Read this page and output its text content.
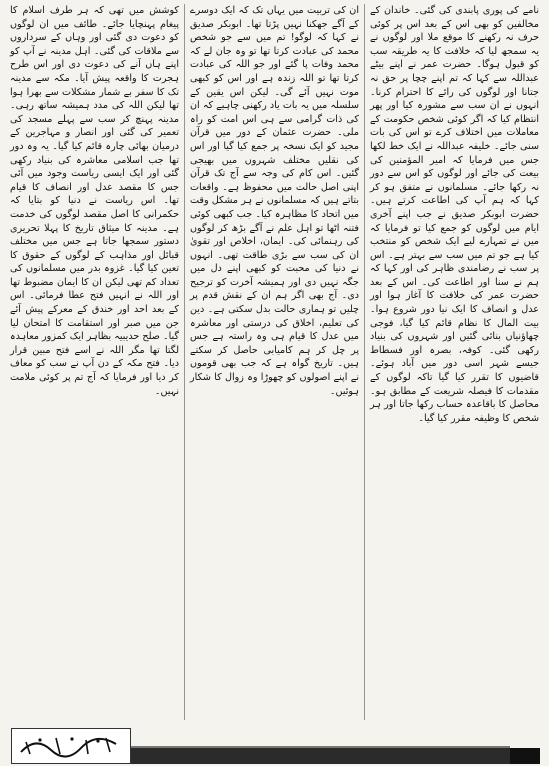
نامے کی پوری پابندی کی گئی۔ خاندان کے مخالفین کو بھی اس کے بعد اس پر کوئی حرف نہ رکھنے کا موقع ملا اور لوگوں نے یہ سمجھ لیا کہ خلافت کا یہ طریقہ سب کو قبول ہوگا۔ حضرت عمر نے اپنے بیٹے عبداللہ سے کہا کہ تم اپنے چچا پر حق نہ جتانا اور لوگوں کی رائے کا احترام کرنا۔ انہوں نے ان سب سے مشورہ کیا اور پھر انتظام کیا کہ اگر کوئی شخص حکومت کے معاملات میں اختلاف کرے تو اس کی بات سنی جائے۔ خلیفہ عبداللہ نے ایک خط لکھا جس میں فرمایا کہ امیر المؤمنین کی بیعت کی جائے اور لوگوں کو اس سے دور نہ رکھا جائے۔ مسلمانوں نے متفق ہو کر کہا کہ ہم آپ کی اطاعت کرتے ہیں۔ حضرت ابوبکر صدیق نے جب اپنے آخری ایام میں لوگوں کو جمع کیا تو فرمایا کہ میں نے تمہارے لیے ایک شخص کو منتخب کیا ہے جو تم میں سب سے بہتر ہے۔ اس پر سب نے رضامندی ظاہر کی اور کہا کہ ہم نے سنا اور اطاعت کی۔ اس کے بعد حضرت عمر کی خلافت کا آغاز ہوا اور عدل و انصاف کا ایک نیا دور شروع ہوا۔ بیت المال کا نظام قائم کیا گیا، فوجی چھاؤنیاں بنائی گئیں اور شہروں کی بنیاد رکھی گئی۔ کوفہ، بصرہ اور فسطاط جیسے شہر اسی دور میں آباد ہوئے۔ قاضیوں کا تقرر کیا گیا تاکہ لوگوں کے مقدمات کا فیصلہ شریعت کے مطابق ہو۔ محاصل کا باقاعدہ حساب رکھا جاتا اور ہر شخص کا وظیفہ مقرر کیا گیا۔
ان کی تربیت میں یہاں تک کہ ایک دوسرے کے آگے جھکنا نہیں پڑتا تھا۔ ابوبکر صدیق نے کہا کہ لوگو! تم میں سے جو شخص محمد کی عبادت کرتا تھا تو وہ جان لے کہ محمد وفات پا گئے اور جو اللہ کی عبادت کرتا تھا تو اللہ زندہ ہے اور اس کو کبھی موت نہیں آئے گی۔ لیکن اس یقین کے سلسلہ میں یہ بات یاد رکھنی چاہیے کہ ان کی ذات گرامی سے ہی اس امت کو راہ ملی۔ حضرت عثمان کے دور میں قرآن مجید کو ایک نسخہ پر جمع کیا گیا اور اس کی نقلیں مختلف شہروں میں بھیجی گئیں۔ اس کام کی وجہ سے آج تک قرآن اپنی اصل حالت میں محفوظ ہے۔ واقعات بتاتے ہیں کہ مسلمانوں نے ہر مشکل وقت میں اتحاد کا مظاہرہ کیا۔ جب کبھی کوئی فتنہ اٹھا تو اہل علم نے آگے بڑھ کر لوگوں کی رہنمائی کی۔ ایمان، اخلاص اور تقویٰ ان کی سب سے بڑی طاقت تھی۔ انہوں نے دنیا کی محبت کو کبھی اپنے دل میں جگہ نہیں دی اور ہمیشہ آخرت کو ترجیح دی۔ آج بھی اگر ہم ان کے نقش قدم پر چلیں تو ہماری حالت بدل سکتی ہے۔ دین کی تعلیم، اخلاق کی درستی اور معاشرہ میں عدل کا قیام ہی وہ راستہ ہے جس پر چل کر ہم کامیابی حاصل کر سکتے ہیں۔ تاریخ گواہ ہے کہ جب بھی قوموں نے اپنے اصولوں کو چھوڑا وہ زوال کا شکار ہوئیں۔
کوشش میں تھی کہ ہر طرف اسلام کا پیغام پہنچایا جائے۔ طائف میں ان لوگوں کو دعوت دی گئی اور وہاں کے سرداروں سے ملاقات کی گئی۔ اہل مدینہ نے آپ کو اپنے ہاں آنے کی دعوت دی اور اس طرح ہجرت کا واقعہ پیش آیا۔ مکہ سے مدینہ تک کا سفر بے شمار مشکلات سے بھرا ہوا تھا لیکن اللہ کی مدد ہمیشہ ساتھ رہی۔ مدینہ پہنچ کر سب سے پہلے مسجد کی تعمیر کی گئی اور انصار و مہاجرین کے درمیان بھائی چارہ قائم کیا گیا۔ یہ وہ دور تھا جب اسلامی معاشرہ کی بنیاد رکھی گئی اور ایک ایسی ریاست وجود میں آئی جس کا مقصد عدل اور انصاف کا قیام تھا۔ اس ریاست نے دنیا کو بتایا کہ حکمرانی کا اصل مقصد لوگوں کی خدمت ہے۔ مدینہ کا میثاق تاریخ کا پہلا تحریری دستور سمجھا جاتا ہے جس میں مختلف قبائل اور مذاہب کے لوگوں کے حقوق کا تعین کیا گیا۔ غزوہ بدر میں مسلمانوں کی تعداد کم تھی لیکن ان کا ایمان مضبوط تھا اور اللہ نے انہیں فتح عطا فرمائی۔ اس کے بعد احد اور خندق کے معرکے پیش آئے جن میں صبر اور استقامت کا امتحان لیا گیا۔ صلح حدیبیہ بظاہر ایک کمزور معاہدہ لگتا تھا مگر اللہ نے اسے فتح مبین قرار دیا۔ فتح مکہ کے دن آپ نے سب کو معاف کر دیا اور فرمایا کہ آج تم پر کوئی ملامت نہیں۔
